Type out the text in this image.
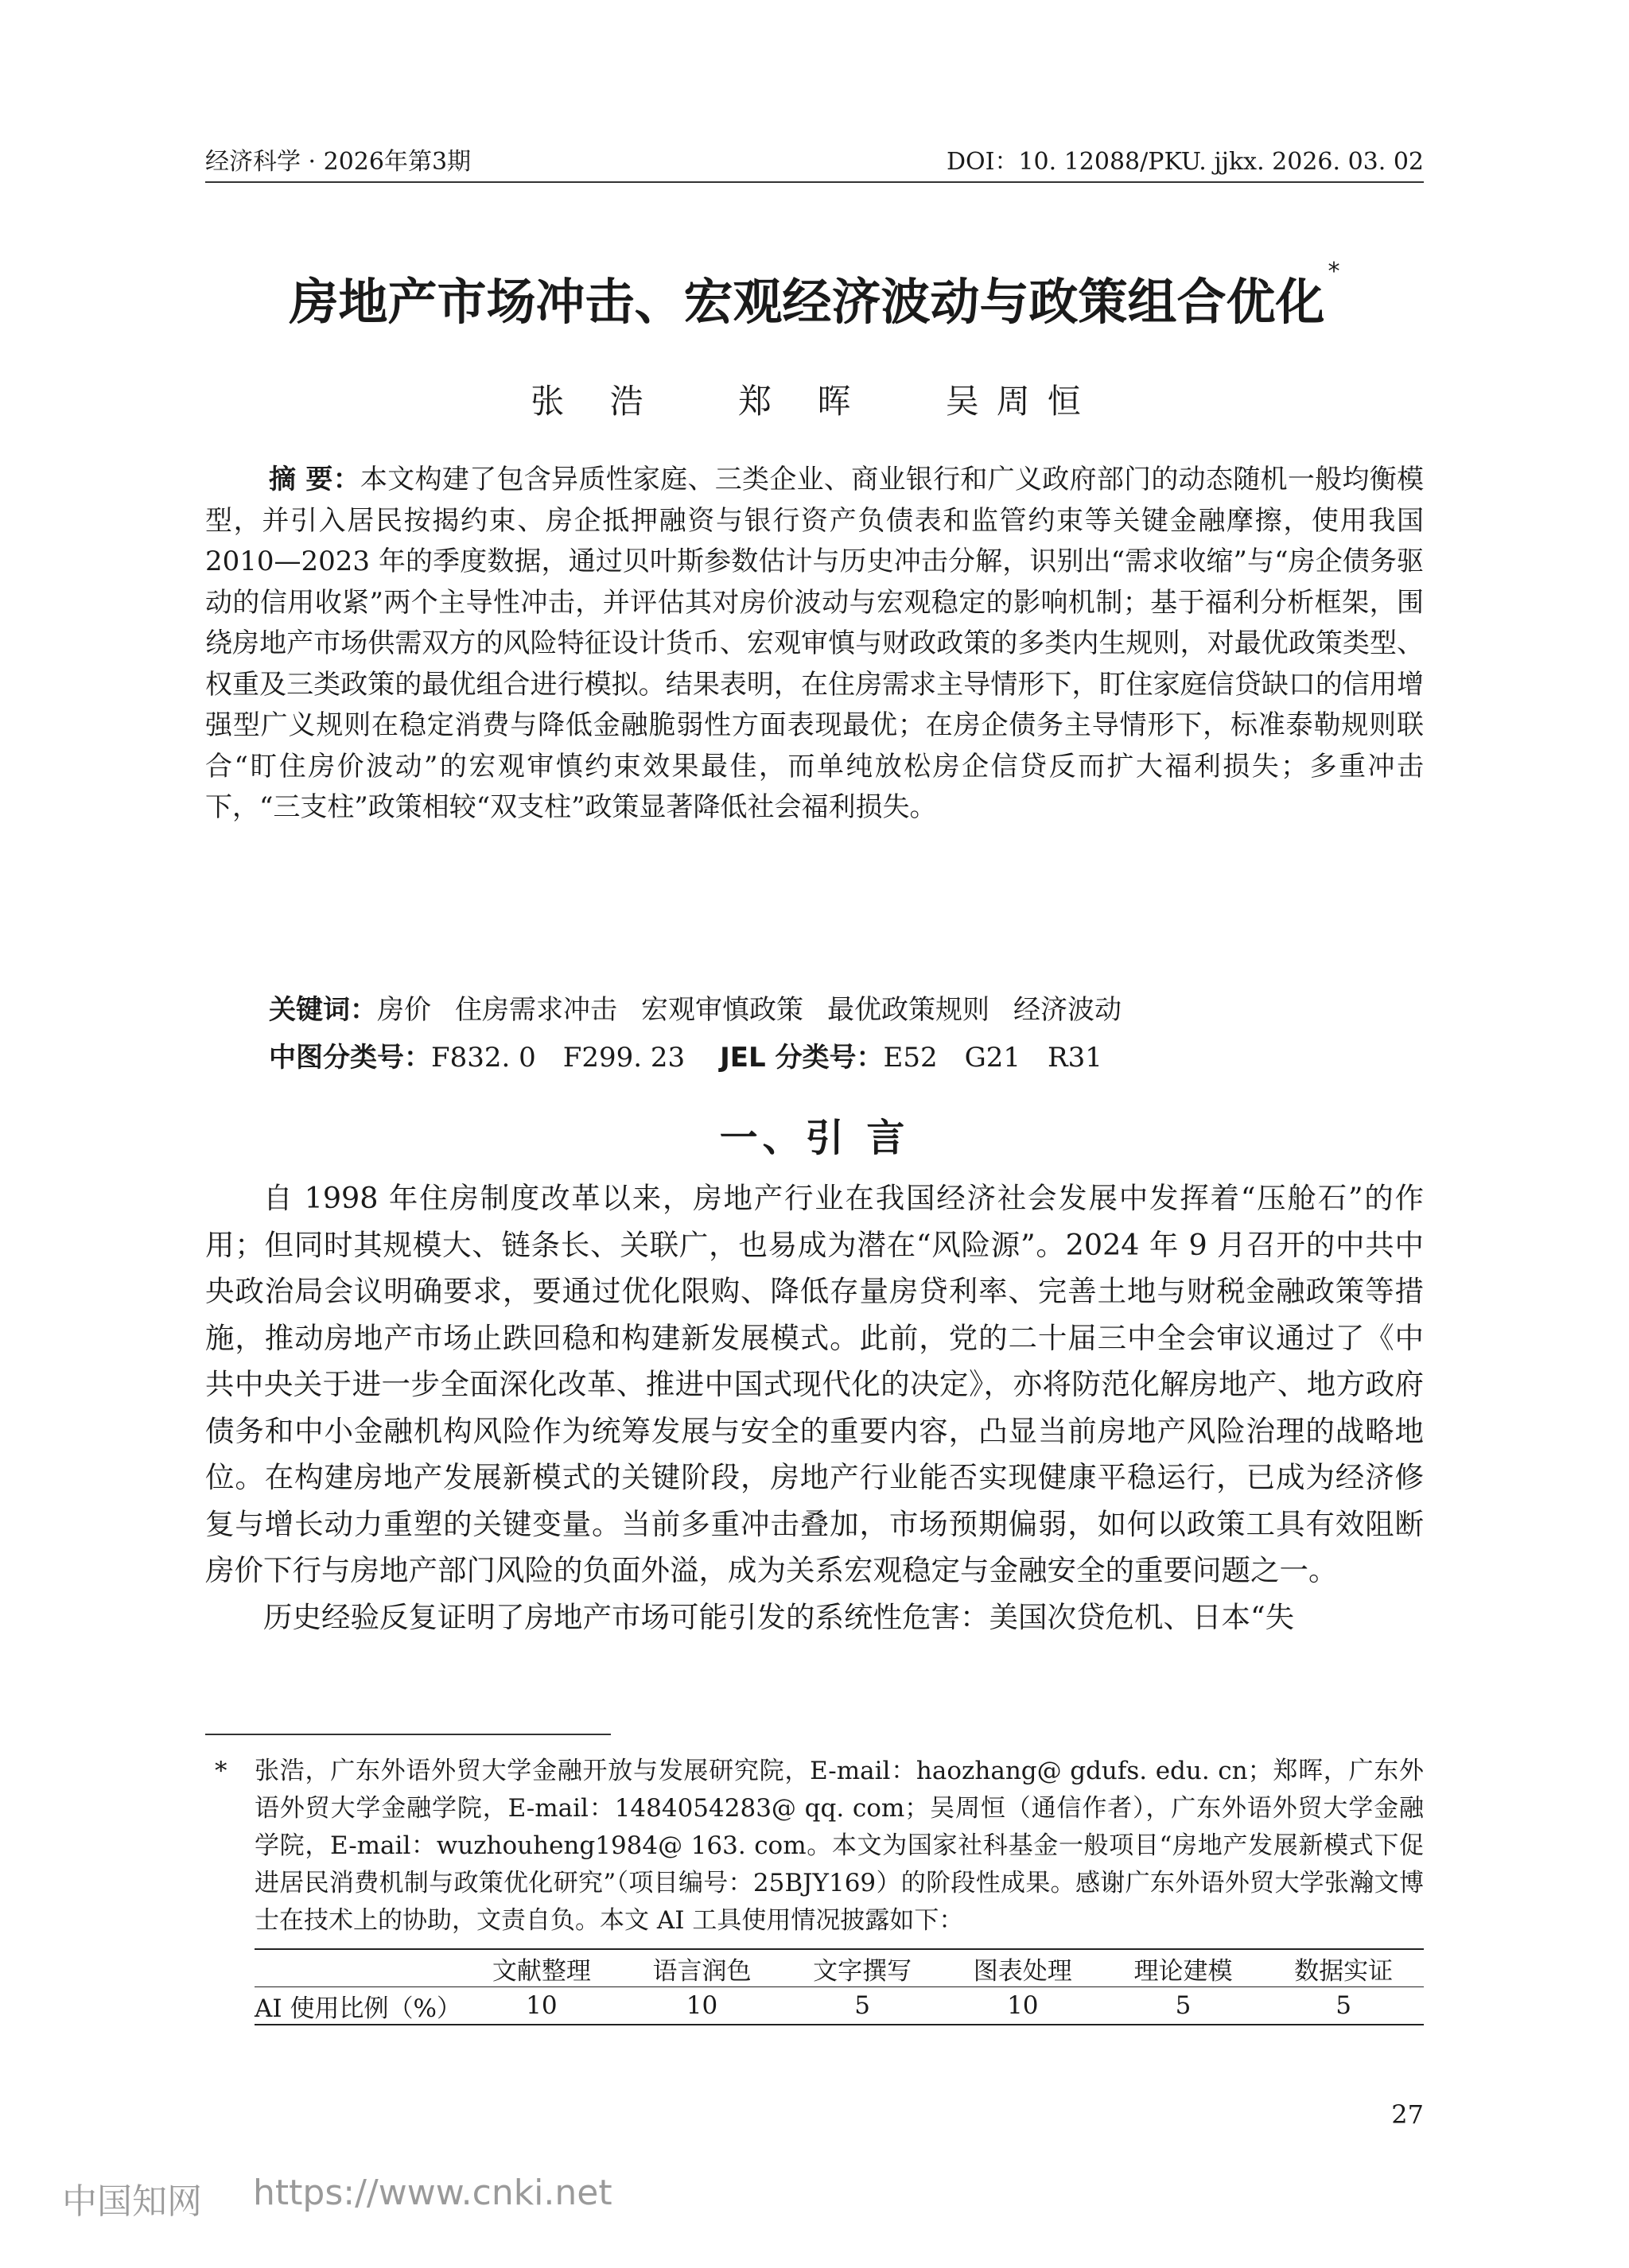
经济科学 · 2026年第3期	DOI：10. 12088/PKU. jjkx. 2026. 03. 02
房地产市场冲击、宏观经济波动与政策组合优化*
张 浩 郑 晖 吴周恒
摘 要：本文构建了包含异质性家庭、三类企业、商业银行和广义政府部门的动态随机一般均衡模型，并引入居民按揭约束、房企抵押融资与银行资产负债表和监管约束等关键金融摩擦，使用我国 2010—2023 年的季度数据，通过贝叶斯参数估计与历史冲击分解，识别出“需求收缩”与“房企债务驱动的信用收紧”两个主导性冲击，并评估其对房价波动与宏观稳定的影响机制；基于福利分析框架，围绕房地产市场供需双方的风险特征设计货币、宏观审慎与财政政策的多类内生规则，对最优政策类型、权重及三类政策的最优组合进行模拟。结果表明，在住房需求主导情形下，盯住家庭信贷缺口的信用增强型广义规则在稳定消费与降低金融脆弱性方面表现最优；在房企债务主导情形下，标准泰勒规则联合“盯住房价波动”的宏观审慎约束效果最佳，而单纯放松房企信贷反而扩大福利损失；多重冲击下，“三支柱”政策相较“双支柱”政策显著降低社会福利损失。
关键词：房价 住房需求冲击 宏观审慎政策 最优政策规则 经济波动
中图分类号：F832. 0 F299. 23 JEL 分类号：E52 G21 R31
一、引 言

自 1998 年住房制度改革以来，房地产行业在我国经济社会发展中发挥着“压舱石”的作用；但同时其规模大、链条长、关联广，也易成为潜在“风险源”。2024 年 9 月召开的中共中央政治局会议明确要求，要通过优化限购、降低存量房贷利率、完善土地与财税金融政策等措施，推动房地产市场止跌回稳和构建新发展模式。此前，党的二十届三中全会审议通过了《中共中央关于进一步全面深化改革、推进中国式现代化的决定》，亦将防范化解房地产、地方政府债务和中小金融机构风险作为统筹发展与安全的重要内容，凸显当前房地产风险治理的战略地位。在构建房地产发展新模式的关键阶段，房地产行业能否实现健康平稳运行，已成为经济修复与增长动力重塑的关键变量。当前多重冲击叠加，市场预期偏弱，如何以政策工具有效阻断房价下行与房地产部门风险的负面外溢，成为关系宏观稳定与金融安全的重要问题之一。

历史经验反复证明了房地产市场可能引发的系统性危害：美国次贷危机、日本“失

* 张浩，广东外语外贸大学金融开放与发展研究院，E-mail：haozhang@ gdufs. edu. cn；郑晖，广东外语外贸大学金融学院，E-mail：1484054283@ qq. com；吴周恒（通信作者），广东外语外贸大学金融学院，E-mail：wuzhouheng1984@ 163. com。本文为国家社科基金一般项目“房地产发展新模式下促进居民消费机制与政策优化研究”（项目编号：25BJY169）的阶段性成果。感谢广东外语外贸大学张瀚文博士在技术上的协助，文责自负。本文 AI 工具使用情况披露如下：
	文献整理	语言润色	文字撰写	图表处理	理论建模	数据实证
AI 使用比例（%）	10	10	5	10	5	5
27
中国知网 https://www.cnki.net
